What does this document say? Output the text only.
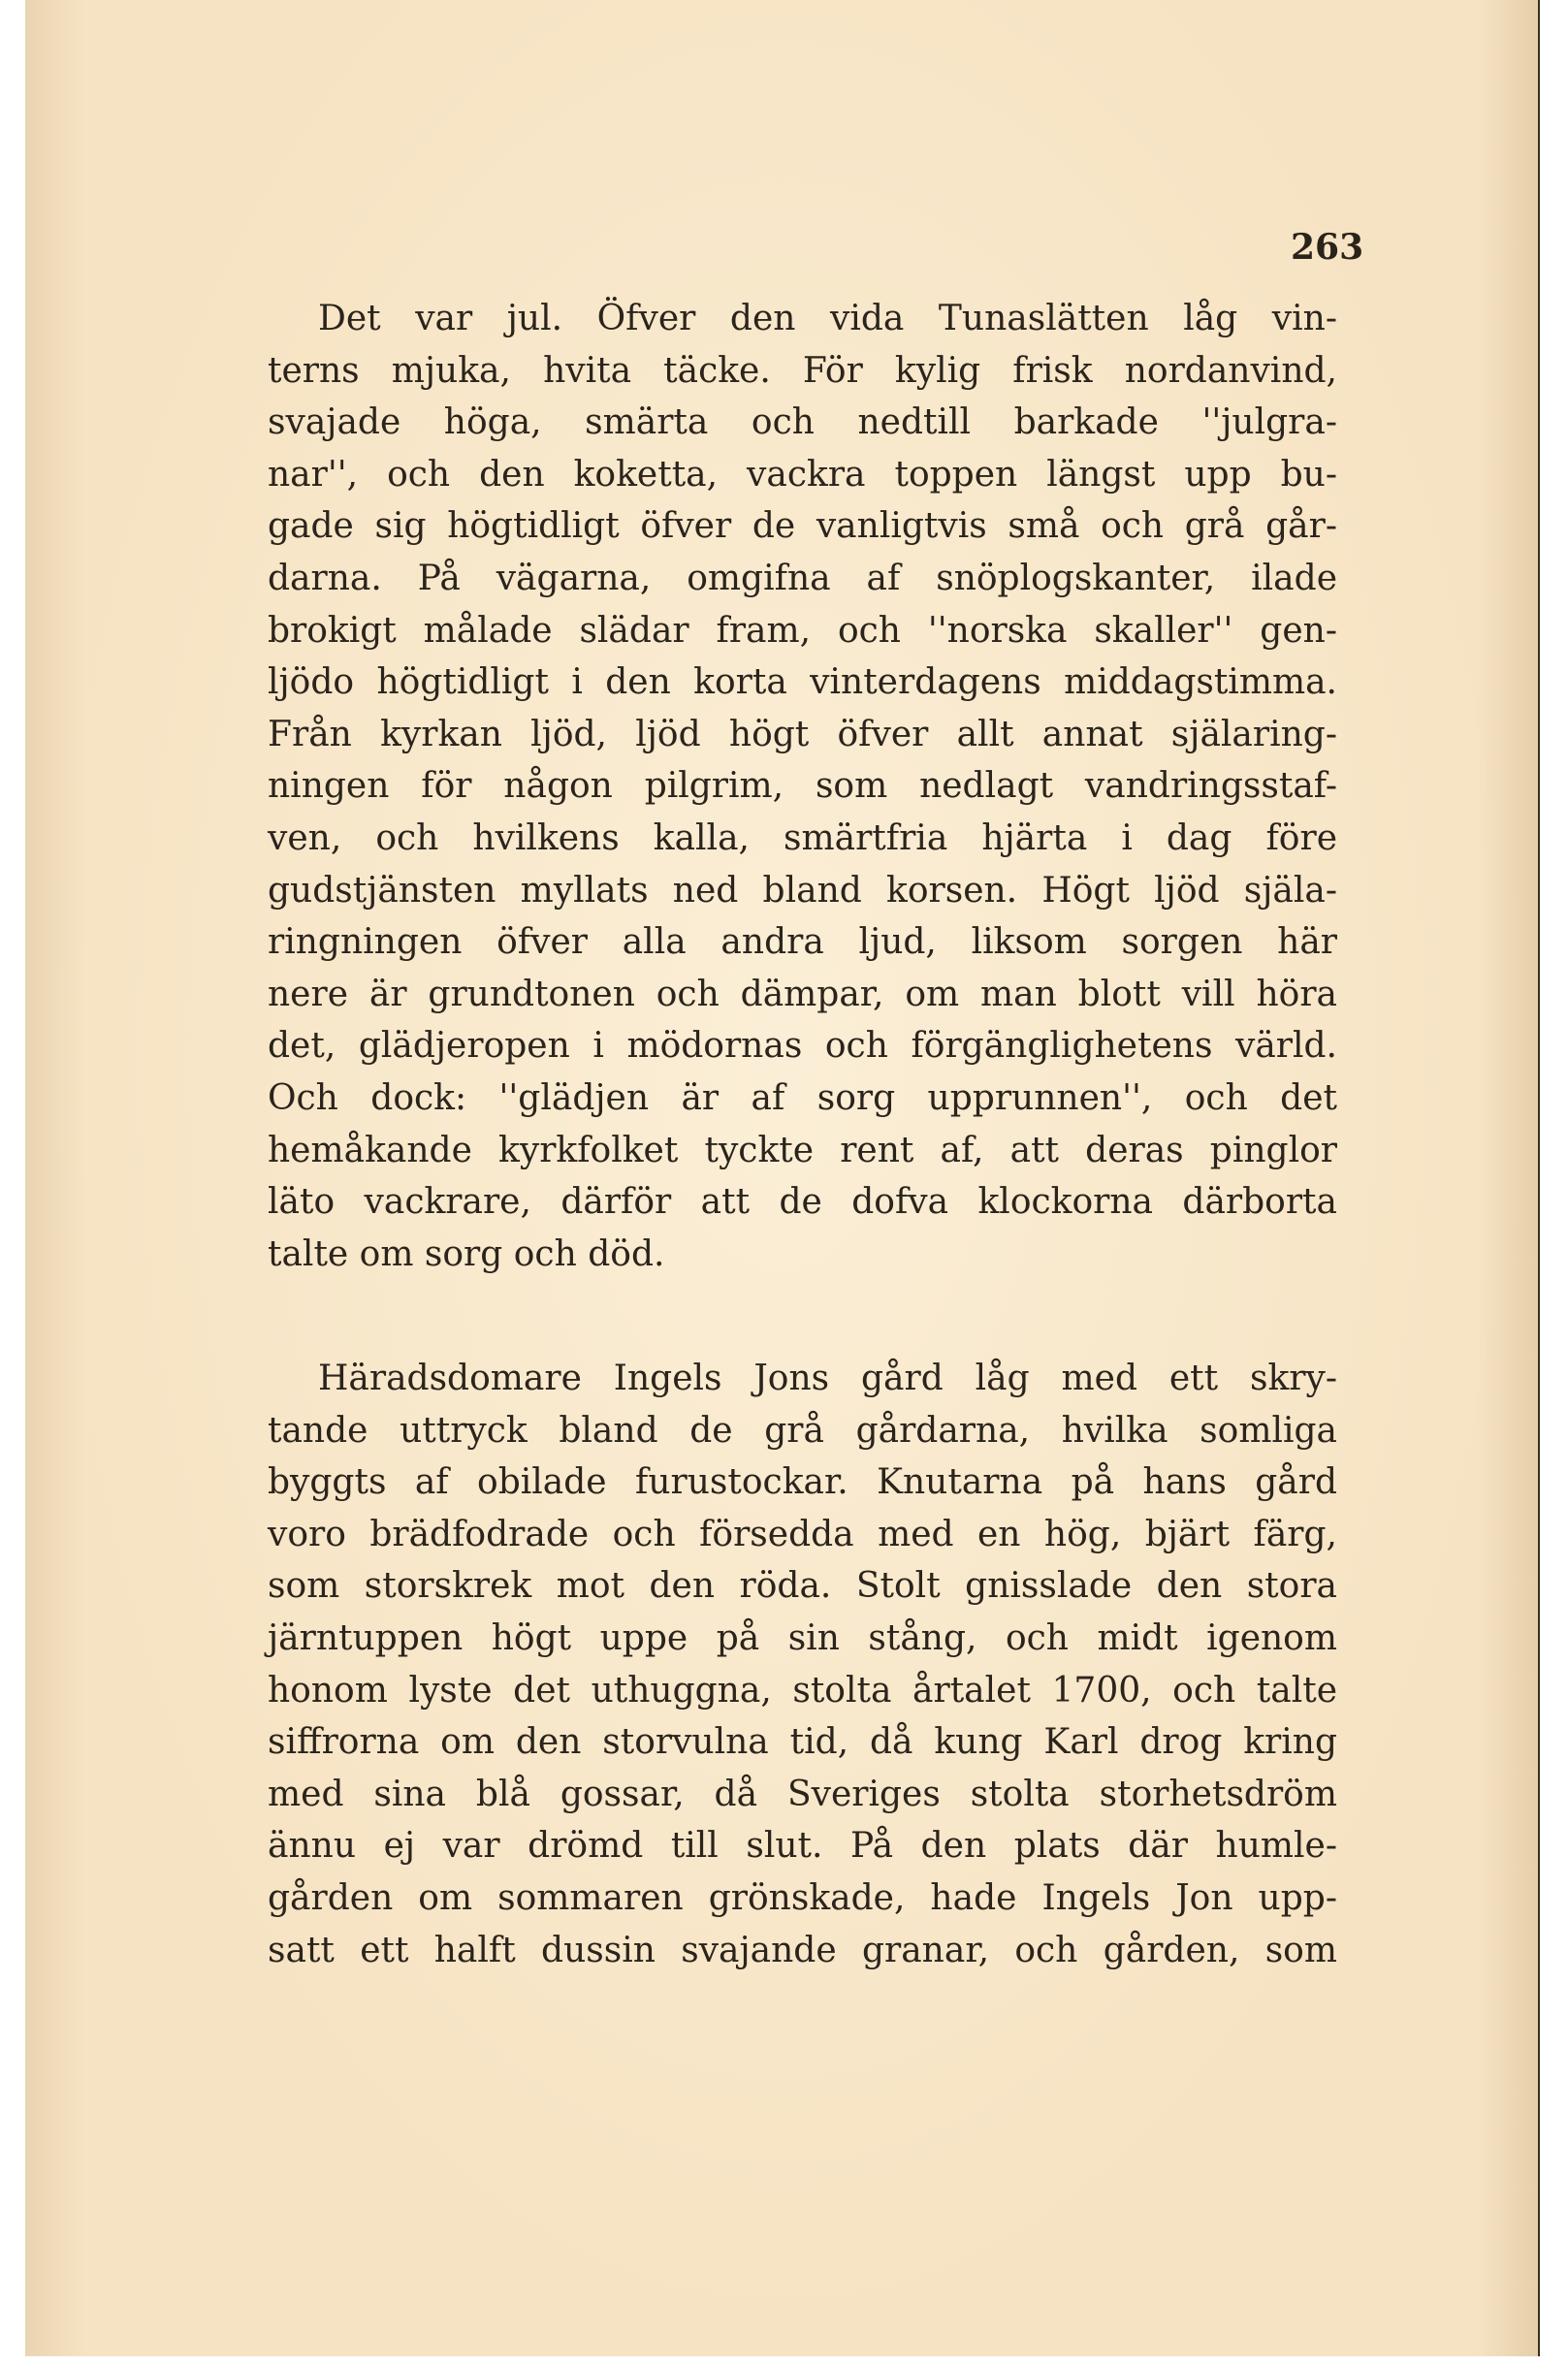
263

Det var jul. Öfver den vida Tunaslätten låg vin-
terns mjuka, hvita täcke. För kylig frisk nordanvind,
svajade höga, smärta och nedtill barkade ''julgra-
nar'', och den koketta, vackra toppen längst upp bu-
gade sig högtidligt öfver de vanligtvis små och grå går-
darna. På vägarna, omgifna af snöplogskanter, ilade
brokigt målade slädar fram, och ''norska skaller'' gen-
ljödo högtidligt i den korta vinterdagens middagstimma.
Från kyrkan ljöd, ljöd högt öfver allt annat själaring-
ningen för någon pilgrim, som nedlagt vandringsstaf-
ven, och hvilkens kalla, smärtfria hjärta i dag före
gudstjänsten myllats ned bland korsen. Högt ljöd själa-
ringningen öfver alla andra ljud, liksom sorgen här
nere är grundtonen och dämpar, om man blott vill höra
det, glädjeropen i mödornas och förgänglighetens värld.
Och dock: ''glädjen är af sorg upprunnen'', och det
hemåkande kyrkfolket tyckte rent af, att deras pinglor
läto vackrare, därför att de dofva klockorna därborta
talte om sorg och död.
Häradsdomare Ingels Jons gård låg med ett skry-
tande uttryck bland de grå gårdarna, hvilka somliga
byggts af obilade furustockar. Knutarna på hans gård
voro brädfodrade och försedda med en hög, bjärt färg,
som storskrek mot den röda. Stolt gnisslade den stora
järntuppen högt uppe på sin stång, och midt igenom
honom lyste det uthuggna, stolta årtalet 1700, och talte
siffrorna om den storvulna tid, då kung Karl drog kring
med sina blå gossar, då Sveriges stolta storhetsdröm
ännu ej var drömd till slut. På den plats där humle-
gården om sommaren grönskade, hade Ingels Jon upp-
satt ett halft dussin svajande granar, och gården, som
